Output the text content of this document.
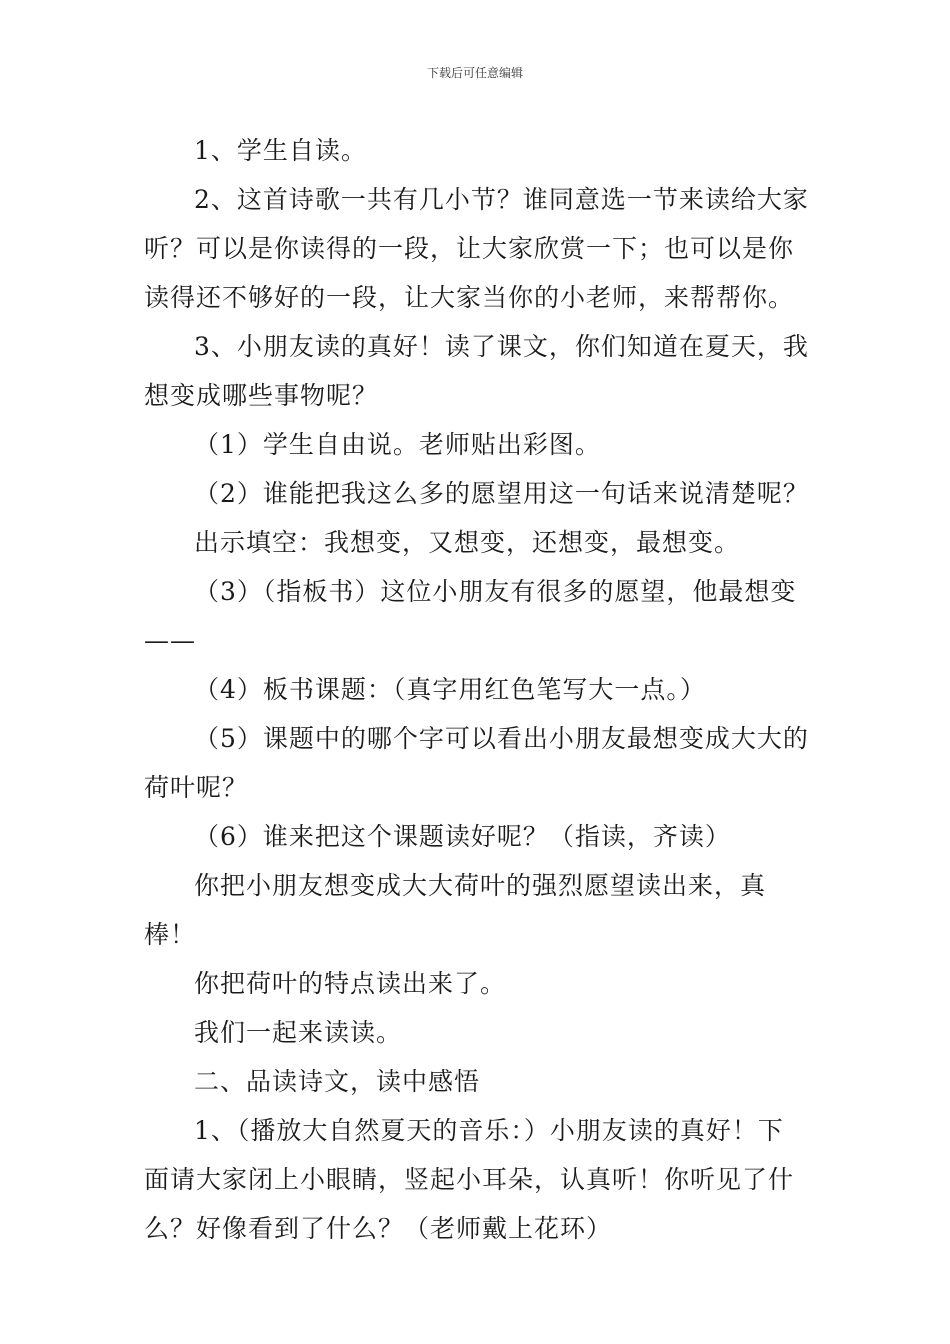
下载后可任意编辑

1、学生自读。

2、这首诗歌一共有几小节？谁同意选一节来读给大家听？可以是你读得的一段，让大家欣赏一下；也可以是你读得还不够好的一段，让大家当你的小老师，来帮帮你。

3、小朋友读的真好！读了课文，你们知道在夏天，我想变成哪些事物呢？

（1）学生自由说。老师贴出彩图。

（2）谁能把我这么多的愿望用这一句话来说清楚呢？

出示填空：我想变，又想变，还想变，最想变。

（3）（指板书）这位小朋友有很多的愿望，他最想变——

（4）板书课题：（真字用红色笔写大一点。）

（5）课题中的哪个字可以看出小朋友最想变成大大的荷叶呢？

（6）谁来把这个课题读好呢？（指读，齐读）

你把小朋友想变成大大荷叶的强烈愿望读出来，真棒！

你把荷叶的特点读出来了。

我们一起来读读。

二、品读诗文，读中感悟

1、（播放大自然夏天的音乐：）小朋友读的真好！下面请大家闭上小眼睛，竖起小耳朵，认真听！你听见了什么？好像看到了什么？（老师戴上花环）
